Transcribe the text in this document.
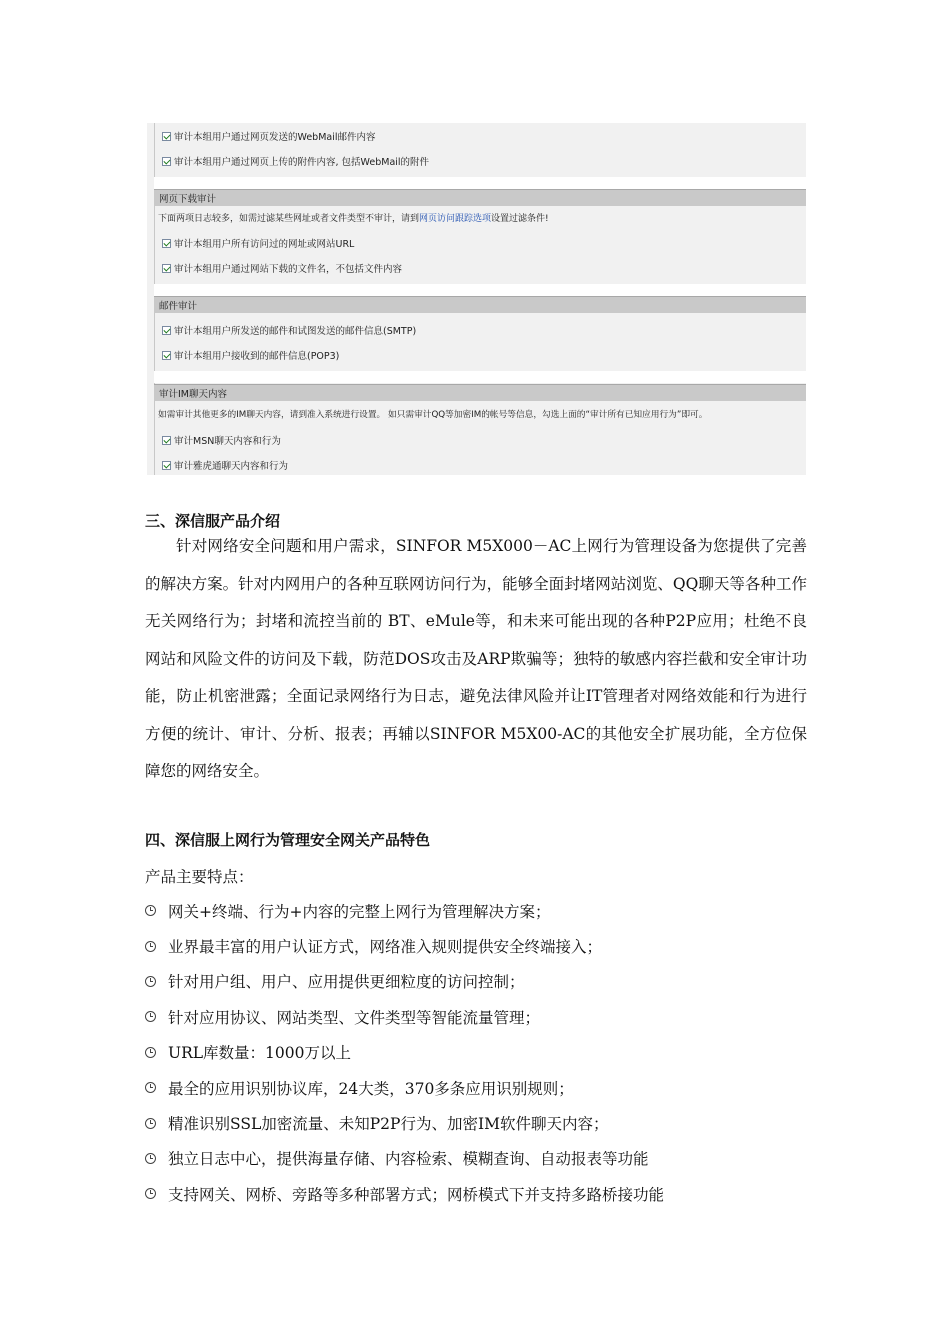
审计本组用户通过网页发送的WebMail邮件内容
审计本组用户通过网页上传的附件内容, 包括WebMail的附件
网页下载审计
下面两项日志较多，如需过滤某些网址或者文件类型不审计，请到 网页访问跟踪选项 设置过滤条件!
审计本组用户所有访问过的网址或网站URL
审计本组用户通过网站下载的文件名，不包括文件内容
邮件审计
审计本组用户所发送的邮件和试图发送的邮件信息(SMTP)
审计本组用户接收到的邮件信息(POP3)
审计IM聊天内容
如需审计其他更多的IM聊天内容，请到准入系统进行设置。 如只需审计QQ等加密IM的帐号等信息，勾选上面的“审计所有已知应用行为”即可。
审计MSN聊天内容和行为
审计雅虎通聊天内容和行为
三、深信服产品介绍
针对网络安全问题和用户需求，SINFOR M5X000－AC上网行为管理设备为您提供了完善的解决方案。针对内网用户的各种互联网访问行为，能够全面封堵网站浏览、QQ聊天等各种工作无关网络行为；封堵和流控当前的 BT、eMule等，和未来可能出现的各种P2P应用；杜绝不良网站和风险文件的访问及下载，防范DOS攻击及ARP欺骗等；独特的敏感内容拦截和安全审计功能，防止机密泄露；全面记录网络行为日志，避免法律风险并让IT管理者对网络效能和行为进行方便的统计、审计、分析、报表；再辅以SINFOR M5X00-AC的其他安全扩展功能，全方位保障您的网络安全。
四、深信服上网行为管理安全网关产品特色
产品主要特点：
网关+终端、行为+内容的完整上网行为管理解决方案；
业界最丰富的用户认证方式，网络准入规则提供安全终端接入；
针对用户组、用户、应用提供更细粒度的访问控制；
针对应用协议、网站类型、文件类型等智能流量管理；
URL库数量：1000万以上
最全的应用识别协议库，24大类，370多条应用识别规则；
精准识别SSL加密流量、未知P2P行为、加密IM软件聊天内容；
独立日志中心，提供海量存储、内容检索、模糊查询、自动报表等功能
支持网关、网桥、旁路等多种部署方式；网桥模式下并支持多路桥接功能
